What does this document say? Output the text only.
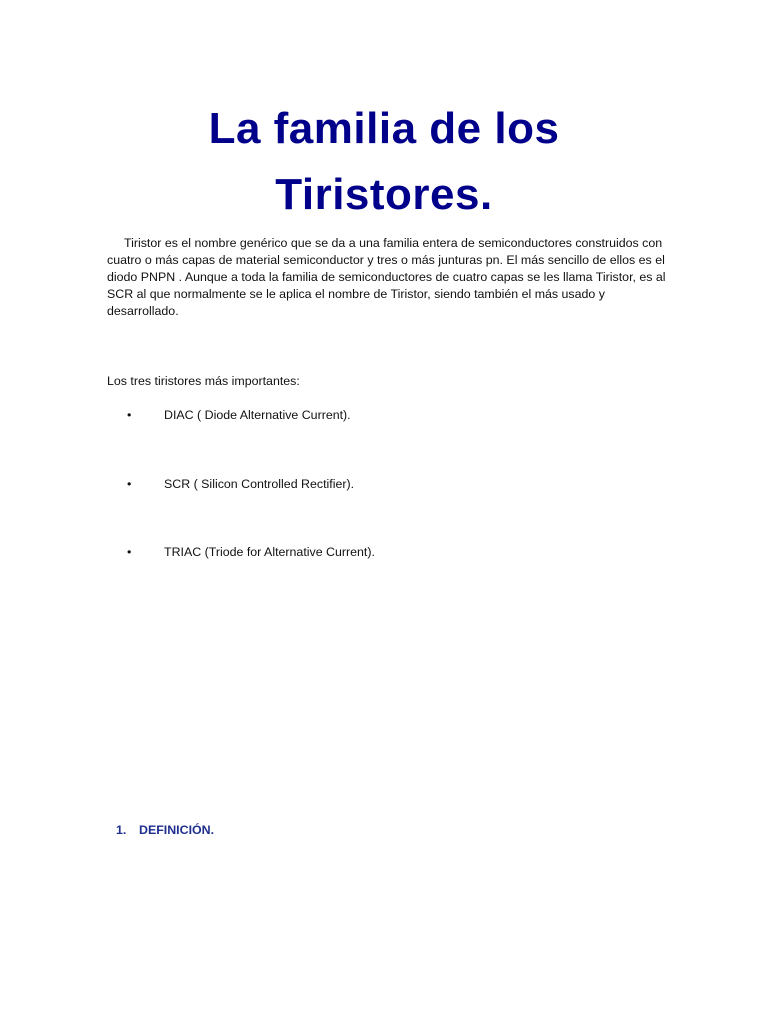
La familia de los
Tiristores.

Tiristor es el nombre genérico que se da a una familia entera de semiconductores construidos con cuatro o más capas de material semiconductor y tres o más junturas pn. El más sencillo de ellos es el diodo PNPN . Aunque a toda la familia de semiconductores de cuatro capas se les llama Tiristor, es al SCR al que normalmente se le aplica el nombre de Tiristor, siendo también el más usado y desarrollado.

Los tres tiristores más importantes:

•	DIAC ( Diode Alternative Current).
•	SCR ( Silicon Controlled Rectifier).
•	TRIAC (Triode for Alternative Current).
1. DEFINICIÓN.
